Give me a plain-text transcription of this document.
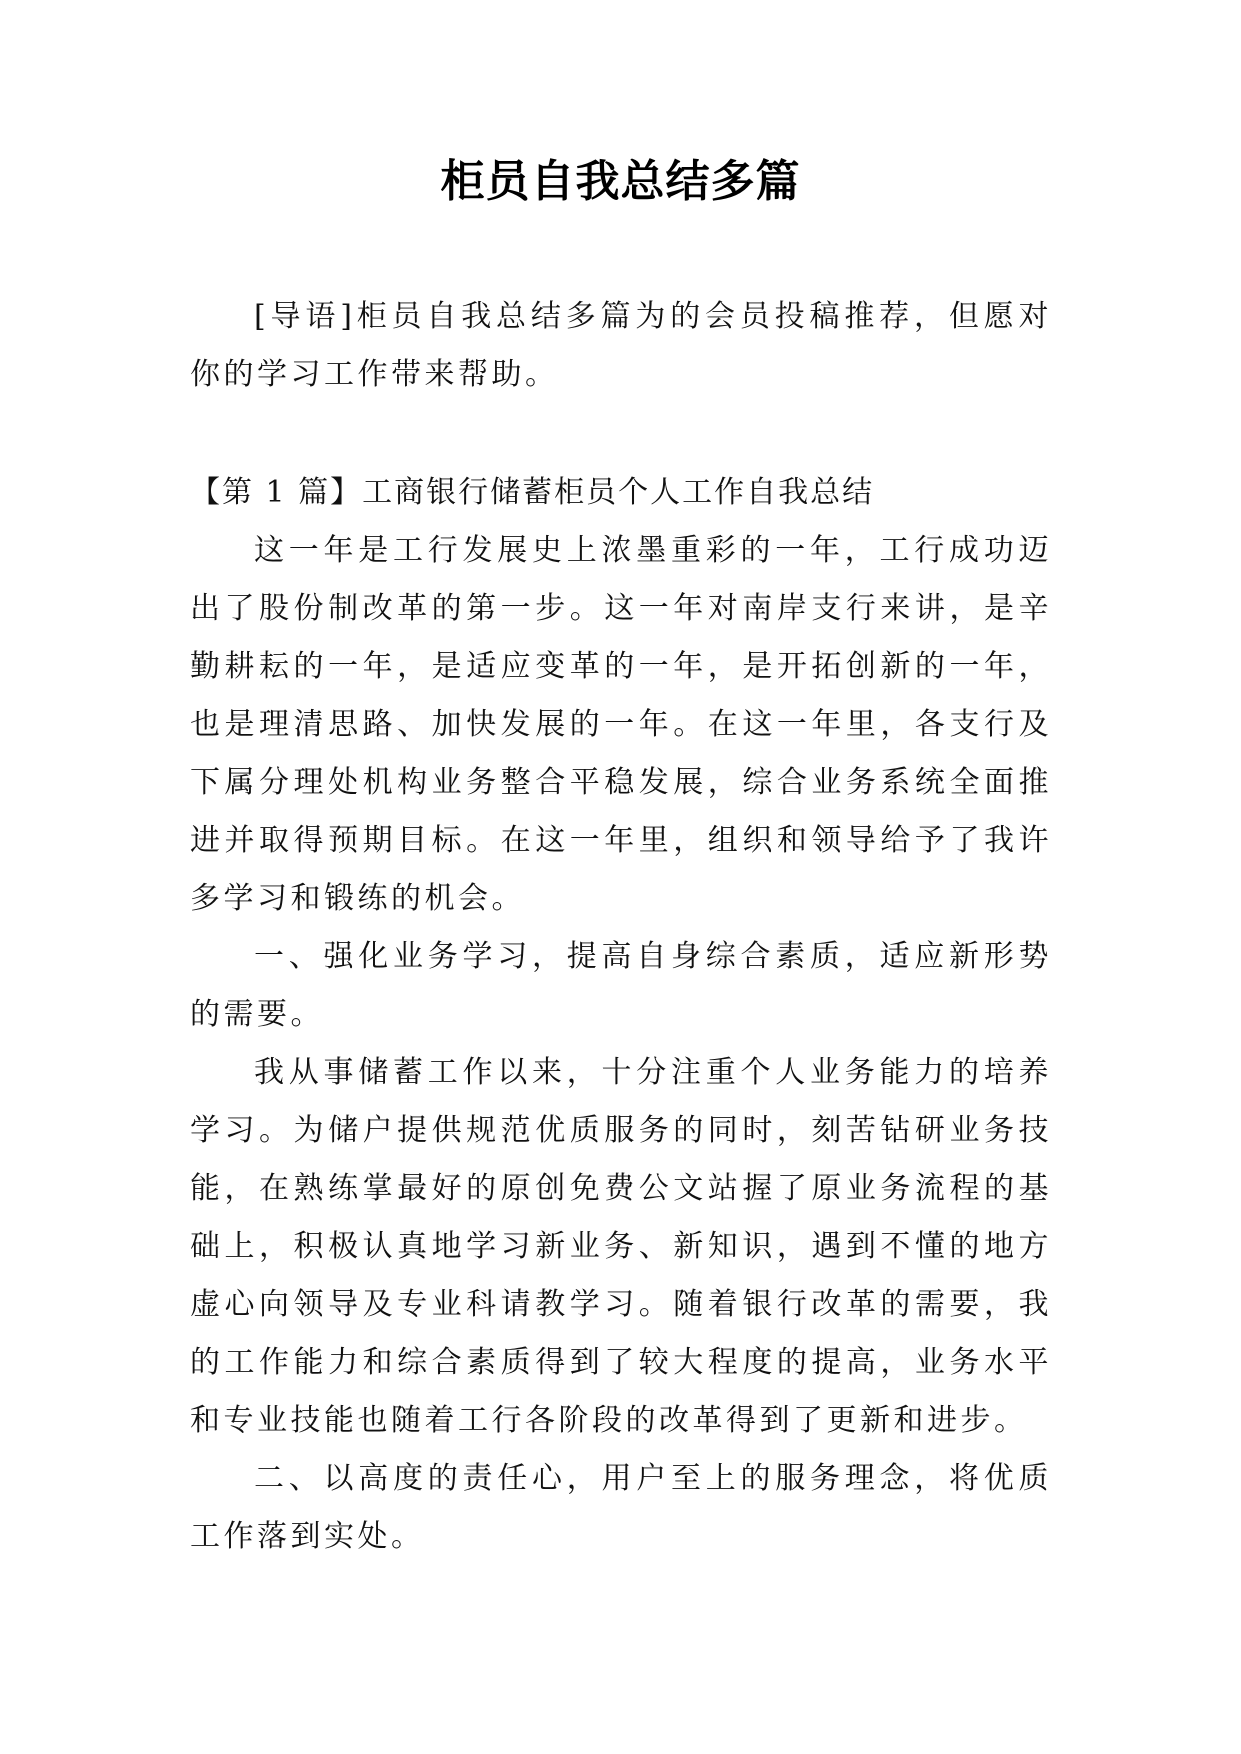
柜员自我总结多篇

[导语]柜员自我总结多篇为的会员投稿推荐，但愿对你的学习工作带来帮助。

【第 1 篇】工商银行储蓄柜员个人工作自我总结

这一年是工行发展史上浓墨重彩的一年，工行成功迈出了股份制改革的第一步。这一年对南岸支行来讲，是辛勤耕耘的一年，是适应变革的一年，是开拓创新的一年，也是理清思路、加快发展的一年。在这一年里，各支行及下属分理处机构业务整合平稳发展，综合业务系统全面推进并取得预期目标。在这一年里，组织和领导给予了我许多学习和锻练的机会。

一、强化业务学习，提高自身综合素质，适应新形势的需要。

我从事储蓄工作以来，十分注重个人业务能力的培养学习。为储户提供规范优质服务的同时，刻苦钻研业务技能，在熟练掌最好的原创免费公文站握了原业务流程的基础上，积极认真地学习新业务、新知识，遇到不懂的地方虚心向领导及专业科请教学习。随着银行改革的需要，我的工作能力和综合素质得到了较大程度的提高，业务水平和专业技能也随着工行各阶段的改革得到了更新和进步。

二、以高度的责任心，用户至上的服务理念，将优质工作落到实处。
